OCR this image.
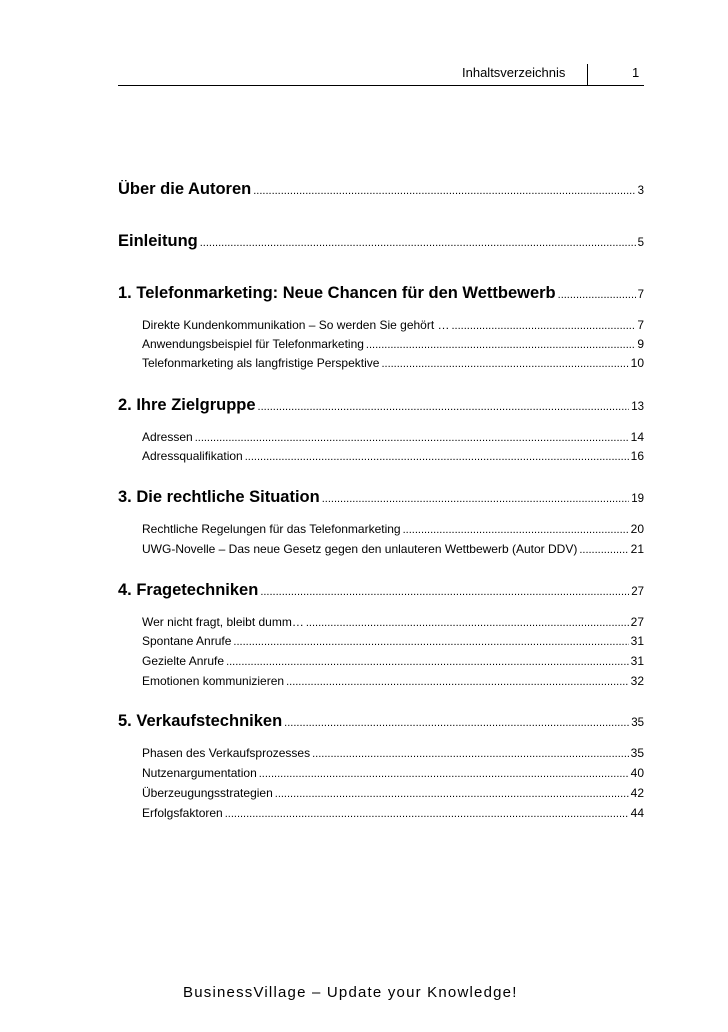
Inhaltsverzeichnis	1
Über die Autoren .....	3
Einleitung .....	5
1. Telefonmarketing: Neue Chancen für den Wettbewerb .....	7
Direkte Kundenkommunikation – So werden Sie gehört … .....	7
Anwendungsbeispiel für Telefonmarketing .....	9
Telefonmarketing als langfristige Perspektive .....	10
2. Ihre Zielgruppe .....	13
Adressen .....	14
Adressqualifikation .....	16
3. Die rechtliche Situation .....	19
Rechtliche Regelungen für das Telefonmarketing .....	20
UWG-Novelle – Das neue Gesetz gegen den unlauteren Wettbewerb (Autor DDV) .....	21
4. Fragetechniken .....	27
Wer nicht fragt, bleibt dumm… .....	27
Spontane Anrufe .....	31
Gezielte Anrufe .....	31
Emotionen kommunizieren .....	32
5. Verkaufstechniken .....	35
Phasen des Verkaufsprozesses .....	35
Nutzenargumentation .....	40
Überzeugungsstrategien .....	42
Erfolgsfaktoren .....	44
BusinessVillage – Update your Knowledge!
